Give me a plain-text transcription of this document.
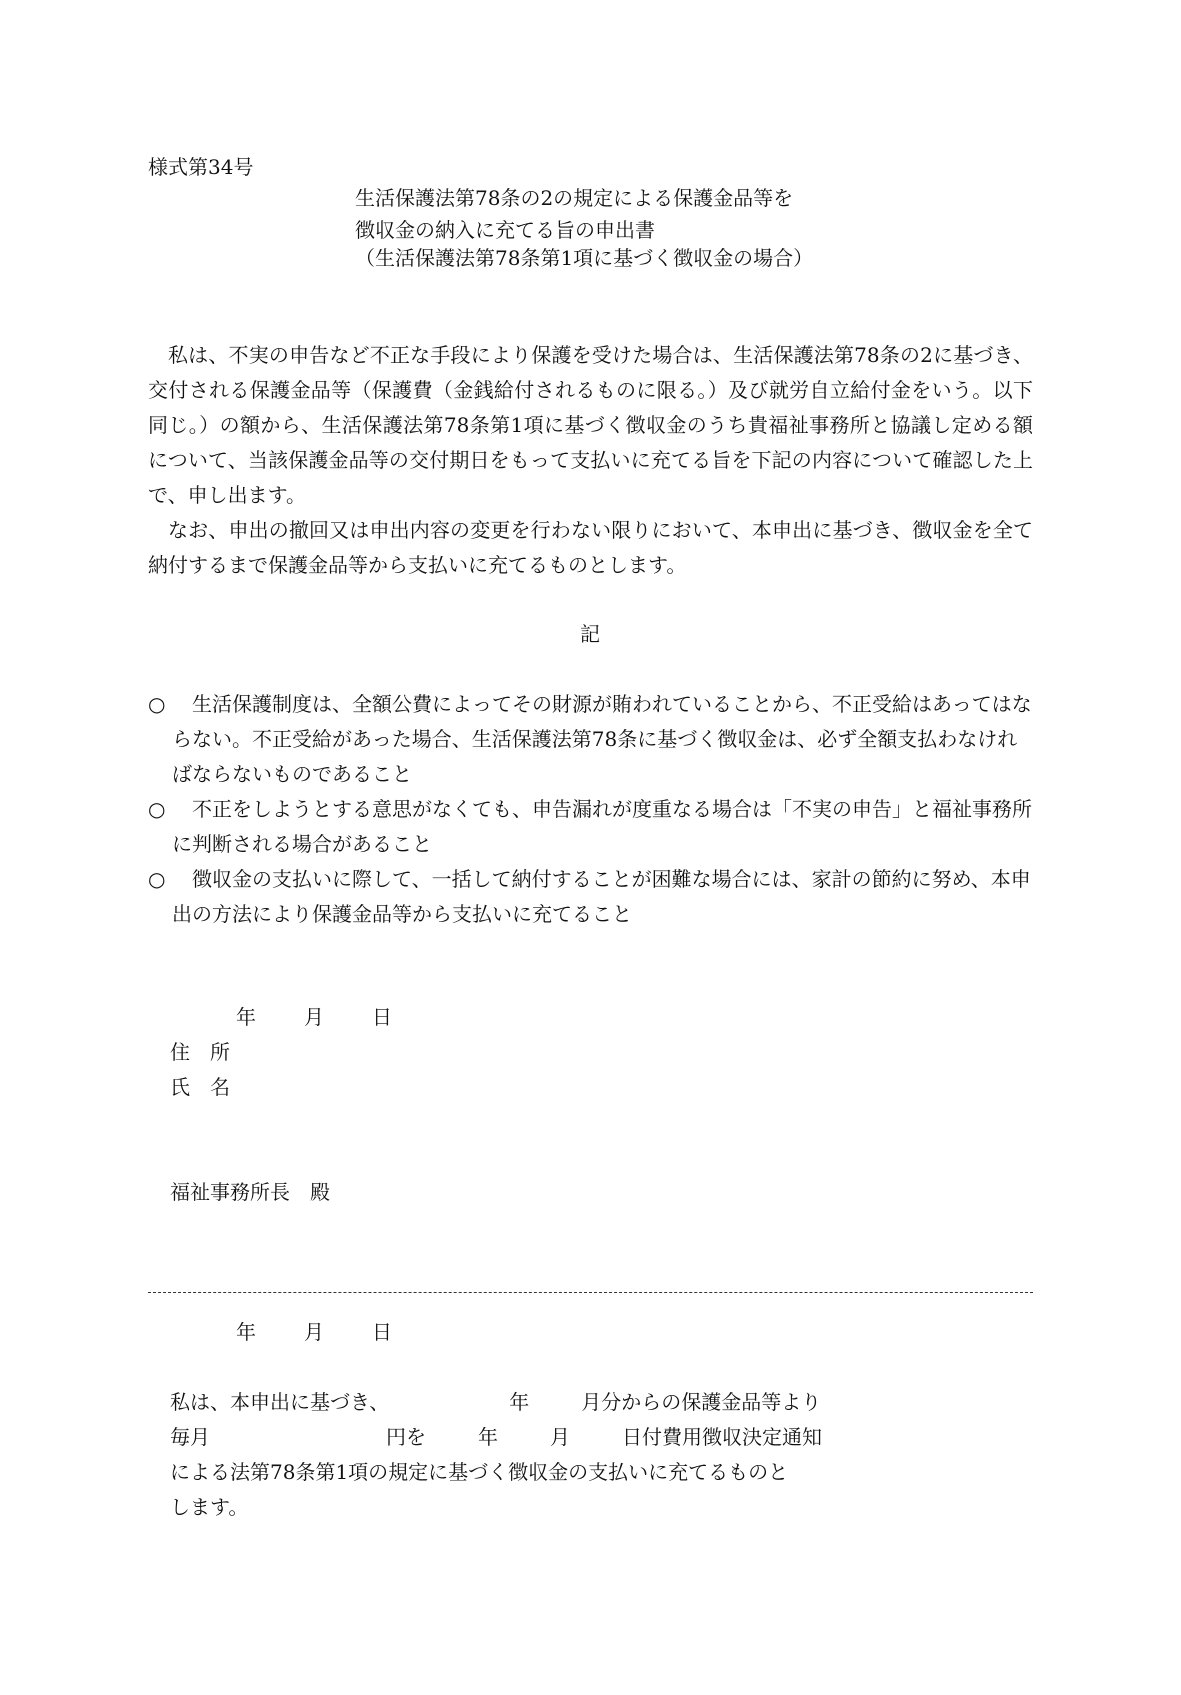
様式第34号
生活保護法第78条の2の規定による保護金品等を
徴収金の納入に充てる旨の申出書
（生活保護法第78条第1項に基づく徴収金の場合）

私は、不実の申告など不正な手段により保護を受けた場合は、生活保護法第78条の2に基づき、交付される保護金品等（保護費（金銭給付されるものに限る。）及び就労自立給付金をいう。以下同じ。）の額から、生活保護法第78条第1項に基づく徴収金のうち貴福祉事務所と協議し定める額について、当該保護金品等の交付期日をもって支払いに充てる旨を下記の内容について確認した上で、申し出ます。

なお、申出の撤回又は申出内容の変更を行わない限りにおいて、本申出に基づき、徴収金を全て納付するまで保護金品等から支払いに充てるものとします。

記

○ 生活保護制度は、全額公費によってその財源が賄われていることから、不正受給はあってはならない。不正受給があった場合、生活保護法第78条に基づく徴収金は、必ず全額支払わなければならないものであること

○ 不正をしようとする意思がなくても、申告漏れが度重なる場合は「不実の申告」と福祉事務所に判断される場合があること

○ 徴収金の支払いに際して、一括して納付することが困難な場合には、家計の節約に努め、本申出の方法により保護金品等から支払いに充てること

年 月 日
住　所
氏　名
福祉事務所長　殿
年 月 日
私は、本申出に基づき、	年	月分からの保護金品等より
毎月	円を	年	月	日付費用徴収決定通知
による法第78条第1項の規定に基づく徴収金の支払いに充てるものと
します。
